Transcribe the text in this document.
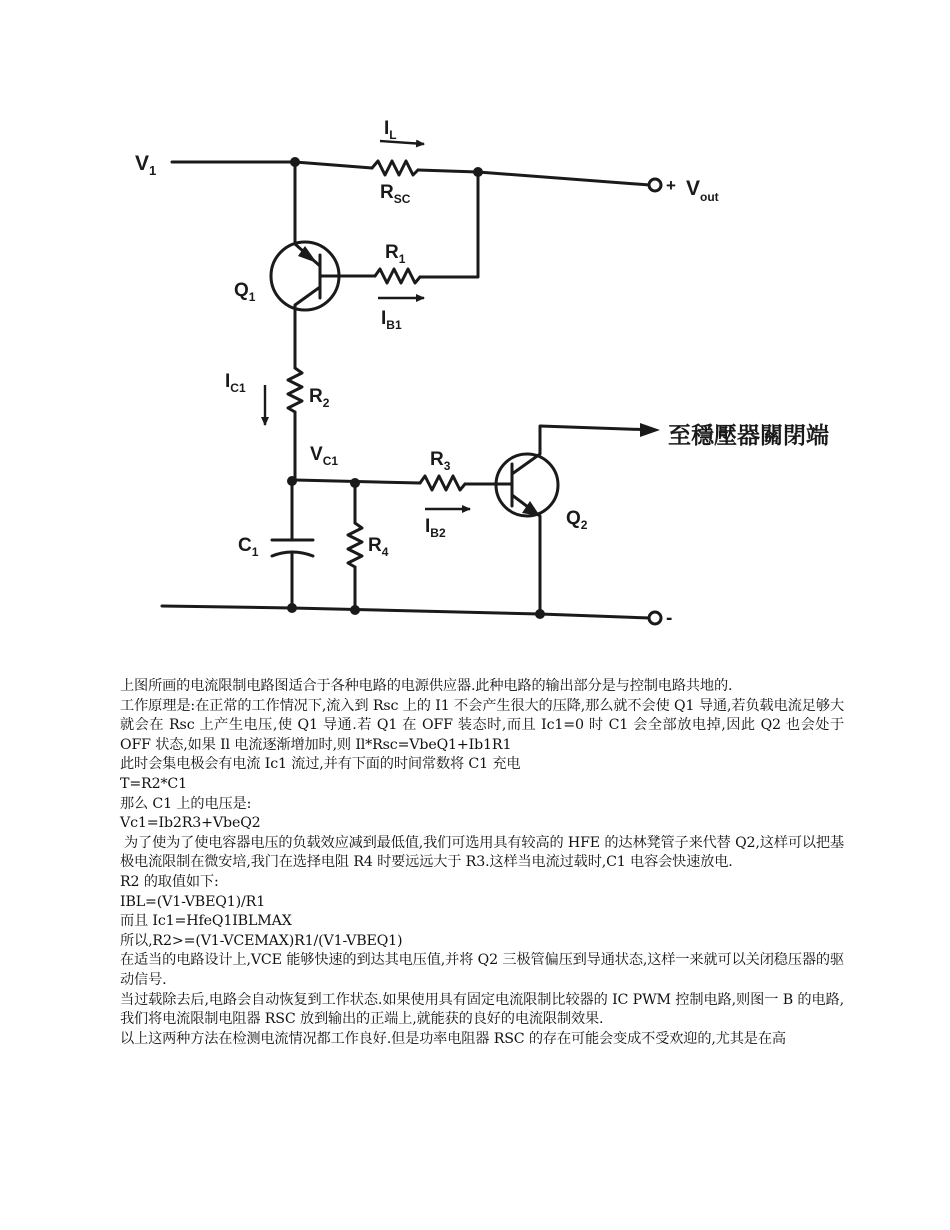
$V_1$
$I_L$
$R_{SC}$
+ $V_{out}$
$R_1$
$Q_1$
$I_{B1}$
$I_{C1}$	$R_2$
$V_{C1}$	$R_3$
$I_{B2}$
$Q_2$
$C_1$	$R_4$
-
至穩壓器關閉端

上图所画的电流限制电路图适合于各种电路的电源供应器.此种电路的输出部分是与控制电路共地的.

工作原理是:在正常的工作情况下,流入到 Rsc 上的 I1 不会产生很大的压降,那么就不会使 Q1 导通,若负载电流足够大就会在 Rsc 上产生电压,使 Q1 导通.若 Q1 在 OFF 装态时,而且 Ic1=0 时 C1 会全部放电掉,因此 Q2 也会处于 OFF 状态,如果 Il 电流逐渐增加时,则 Il*Rsc=VbeQ1+Ib1R1

此时会集电极会有电流 Ic1 流过,并有下面的时间常数将 C1 充电

T=R2*C1

那么 C1 上的电压是:

Vc1=Ib2R3+VbeQ2

为了使为了使电容器电压的负载效应减到最低值,我们可选用具有较高的 HFE 的达林凳管子来代替 Q2,这样可以把基极电流限制在微安培,我门在选择电阻 R4 时要远远大于 R3.这样当电流过载时,C1 电容会快速放电.

R2 的取值如下:

IBL=(V1-VBEQ1)/R1

而且 Ic1=HfeQ1IBLMAX

所以,R2>=(V1-VCEMAX)R1/(V1-VBEQ1)

在适当的电路设计上,VCE 能够快速的到达其电压值,并将 Q2 三极管偏压到导通状态,这样一来就可以关闭稳压器的驱动信号.

当过载除去后,电路会自动恢复到工作状态.如果使用具有固定电流限制比较器的 IC PWM 控制电路,则图一 B 的电路,我们将电流限制电阻器 RSC 放到输出的正端上,就能获的良好的电流限制效果.

以上这两种方法在检测电流情况都工作良好.但是功率电阻器 RSC 的存在可能会变成不受欢迎的,尤其是在高
